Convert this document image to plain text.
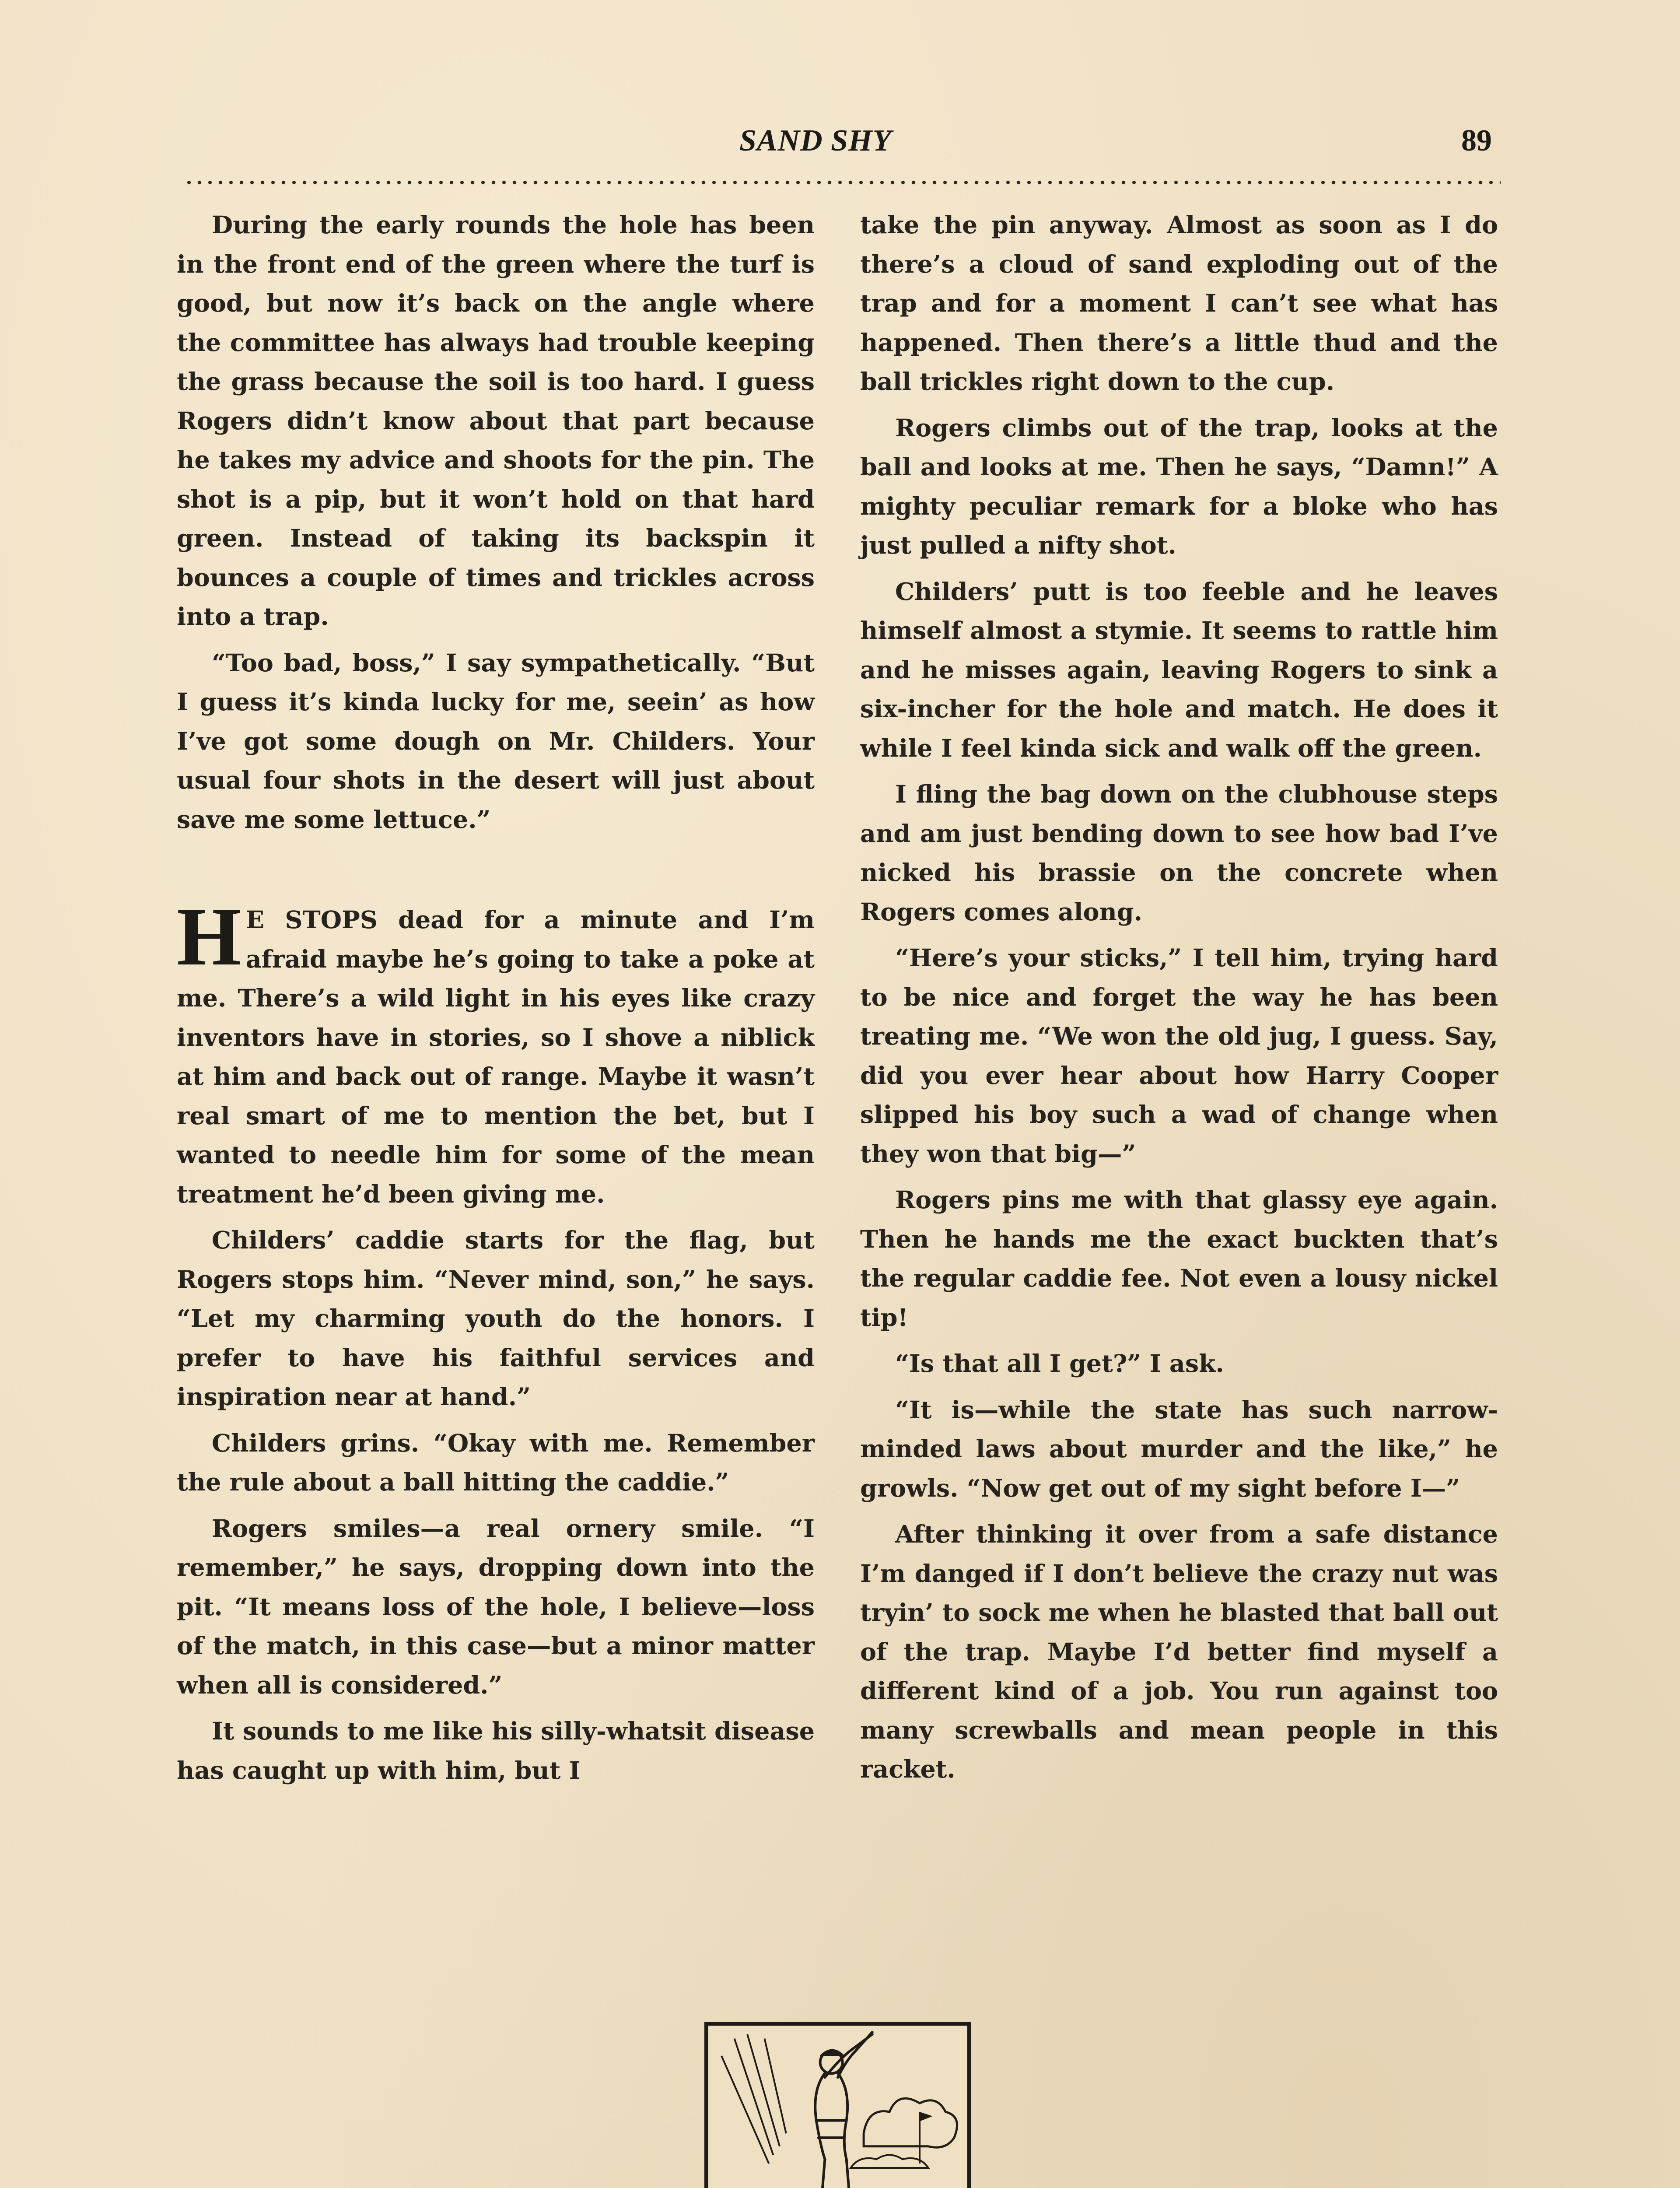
SAND SHY	89

During the early rounds the hole has been in the front end of the green where the turf is good, but now it’s back on the angle where the committee has always had trouble keeping the grass because the soil is too hard. I guess Rogers didn’t know about that part because he takes my advice and shoots for the pin. The shot is a pip, but it won’t hold on that hard green. Instead of taking its backspin it bounces a couple of times and trickles across into a trap.

“Too bad, boss,” I say sympathetically. “But I guess it’s kinda lucky for me, seein’ as how I’ve got some dough on Mr. Childers. Your usual four shots in the desert will just about save me some lettuce.”

H E STOPS dead for a minute and I’m afraid maybe he’s going to take a poke at me. There’s a wild light in his eyes like crazy inventors have in stories, so I shove a niblick at him and back out of range. Maybe it wasn’t real smart of me to mention the bet, but I wanted to needle him for some of the mean treatment he’d been giving me.

Childers’ caddie starts for the flag, but Rogers stops him. “Never mind, son,” he says. “Let my charming youth do the honors. I prefer to have his faithful services and inspiration near at hand.”

Childers grins. “Okay with me. Remember the rule about a ball hitting the caddie.”

Rogers smiles—a real ornery smile. “I remember,” he says, dropping down into the pit. “It means loss of the hole, I believe—loss of the match, in this case—but a minor matter when all is considered.”

It sounds to me like his silly-whatsit disease has caught up with him, but I

take the pin anyway. Almost as soon as I do there’s a cloud of sand exploding out of the trap and for a moment I can’t see what has happened. Then there’s a little thud and the ball trickles right down to the cup.

Rogers climbs out of the trap, looks at the ball and looks at me. Then he says, “Damn!” A mighty peculiar remark for a bloke who has just pulled a nifty shot.

Childers’ putt is too feeble and he leaves himself almost a stymie. It seems to rattle him and he misses again, leaving Rogers to sink a six-incher for the hole and match. He does it while I feel kinda sick and walk off the green.

I fling the bag down on the clubhouse steps and am just bending down to see how bad I’ve nicked his brassie on the concrete when Rogers comes along.

“Here’s your sticks,” I tell him, trying hard to be nice and forget the way he has been treating me. “We won the old jug, I guess. Say, did you ever hear about how Harry Cooper slipped his boy such a wad of change when they won that big—”

Rogers pins me with that glassy eye again. Then he hands me the exact buckten that’s the regular caddie fee. Not even a lousy nickel tip!

“Is that all I get?” I ask.

“It is—while the state has such narrow-minded laws about murder and the like,” he growls. “Now get out of my sight before I—”

After thinking it over from a safe distance I’m danged if I don’t believe the crazy nut was tryin’ to sock me when he blasted that ball out of the trap. Maybe I’d better find myself a different kind of a job. You run against too many screwballs and mean people in this racket.
